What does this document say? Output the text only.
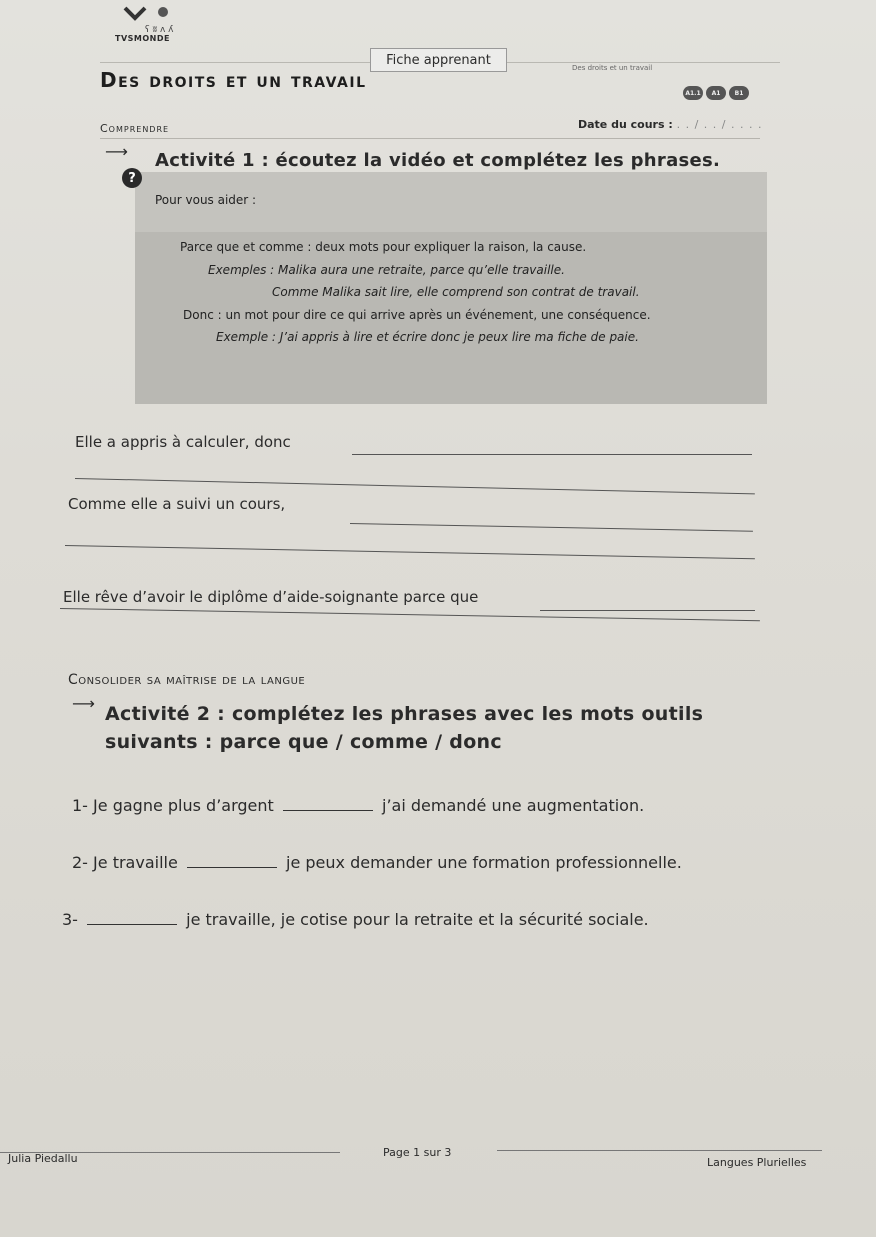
ʕ ʬ ʌ ʎ
TVSMONDE
Fiche apprenant
Des droits et un travail
A1.1	A1	B1
Des droits et un travail
Comprendre	Date du cours : . . / . . / . . . .
⟶ Activité 1 : écoutez la vidéo et complétez les phrases.
?
Pour vous aider :
Parce que et comme : deux mots pour expliquer la raison, la cause.
Exemples : Malika aura une retraite, parce qu’elle travaille.
Comme Malika sait lire, elle comprend son contrat de travail.
Donc : un mot pour dire ce qui arrive après un événement, une conséquence.
Exemple : J’ai appris à lire et écrire donc je peux lire ma fiche de paie.
Elle a appris à calculer, donc
Comme elle a suivi un cours,
Elle rêve d’avoir le diplôme d’aide-soignante parce que
Consolider sa maîtrise de la langue
⟶ Activité 2 : complétez les phrases avec les mots outils suivants : parce que / comme / donc
1- Je gagne plus d’argent	j’ai demandé une augmentation.
2- Je travaille	je peux demander une formation professionnelle.
3-	je travaille, je cotise pour la retraite et la sécurité sociale.
Julia Piedallu	Page 1 sur 3
Langues Plurielles
